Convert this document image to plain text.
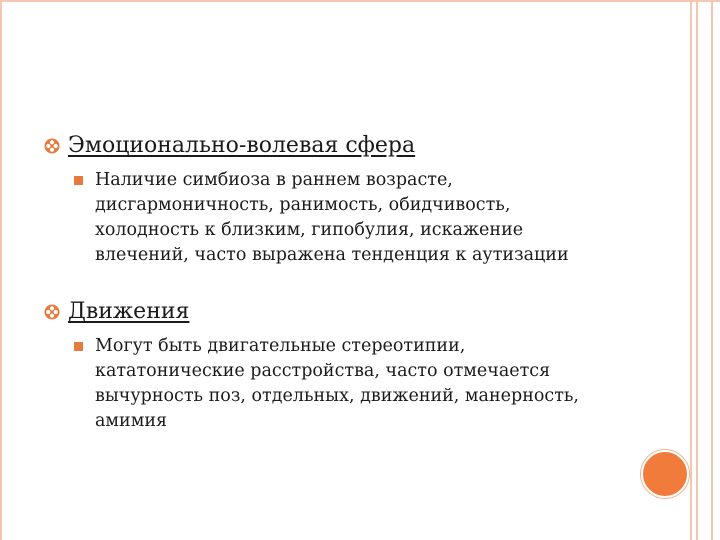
Эмоционально-волевая сфера

Наличие симбиоза в раннем возрасте,
дисгармоничность, ранимость, обидчивость,
холодность к близким, гипобулия, искажение
влечений, часто выражена тенденция к аутизации

Движения

Могут быть двигательные стереотипии,
кататонические расстройства, часто отмечается
вычурность поз, отдельных, движений, манерность,
амимия
